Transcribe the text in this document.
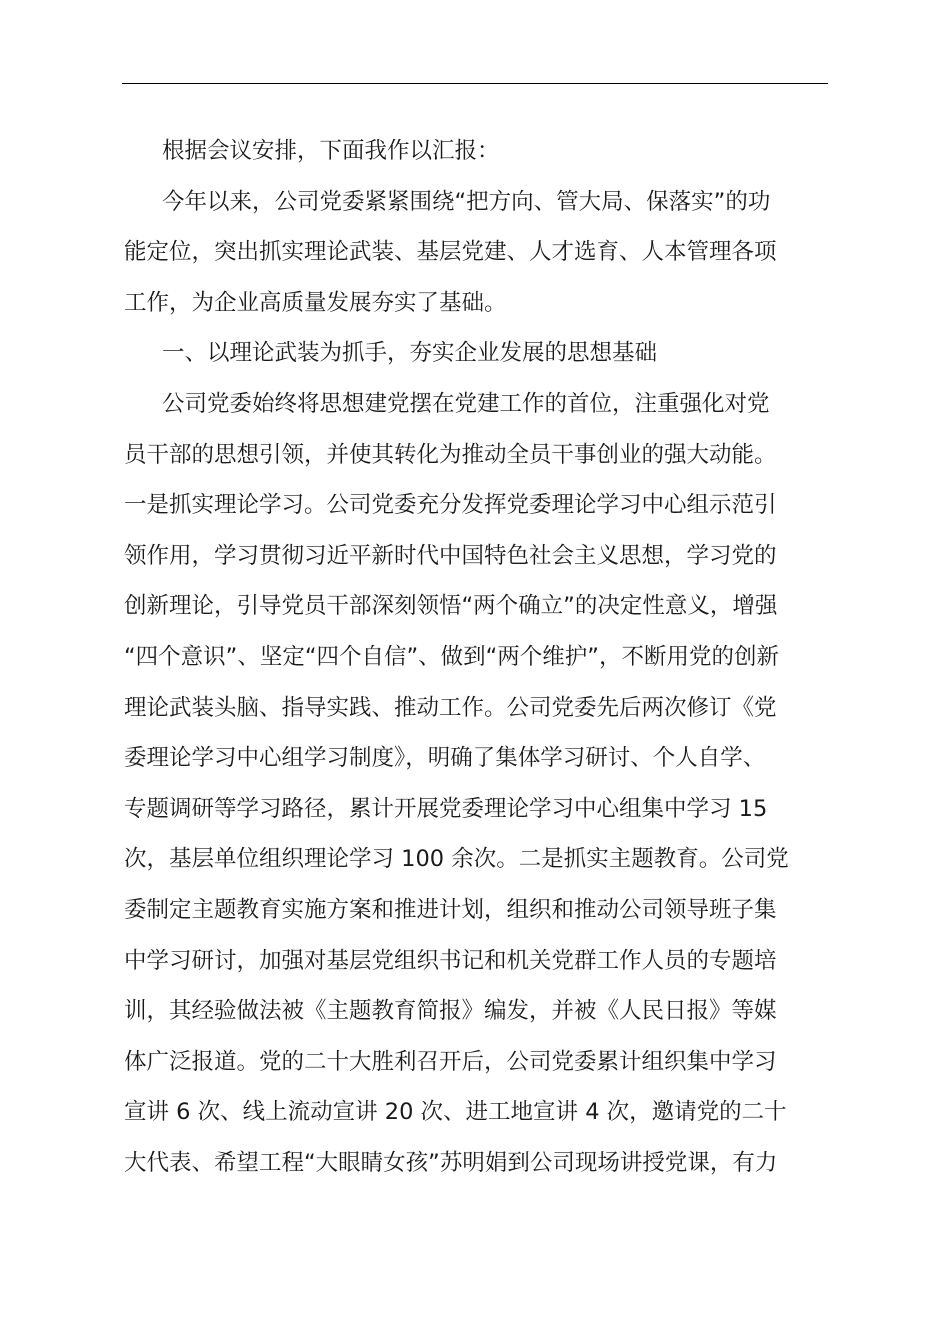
根据会议安排，下面我作以汇报：
今年以来，公司党委紧紧围绕“把方向、管大局、保落实”的功
能定位，突出抓实理论武装、基层党建、人才选育、人本管理各项
工作，为企业高质量发展夯实了基础。
一、以理论武装为抓手，夯实企业发展的思想基础
公司党委始终将思想建党摆在党建工作的首位，注重强化对党
员干部的思想引领，并使其转化为推动全员干事创业的强大动能。
一是抓实理论学习。公司党委充分发挥党委理论学习中心组示范引
领作用，学习贯彻习近平新时代中国特色社会主义思想，学习党的
创新理论，引导党员干部深刻领悟“两个确立”的决定性意义，增强
“四个意识”、坚定“四个自信”、做到“两个维护”，不断用党的创新
理论武装头脑、指导实践、推动工作。公司党委先后两次修订《党
委理论学习中心组学习制度》，明确了集体学习研讨、个人自学、
专题调研等学习路径，累计开展党委理论学习中心组集中学习 15
次，基层单位组织理论学习 100 余次。二是抓实主题教育。公司党
委制定主题教育实施方案和推进计划，组织和推动公司领导班子集
中学习研讨，加强对基层党组织书记和机关党群工作人员的专题培
训，其经验做法被《主题教育简报》编发，并被《人民日报》等媒
体广泛报道。党的二十大胜利召开后，公司党委累计组织集中学习
宣讲 6 次、线上流动宣讲 20 次、进工地宣讲 4 次，邀请党的二十
大代表、希望工程“大眼睛女孩”苏明娟到公司现场讲授党课，有力
